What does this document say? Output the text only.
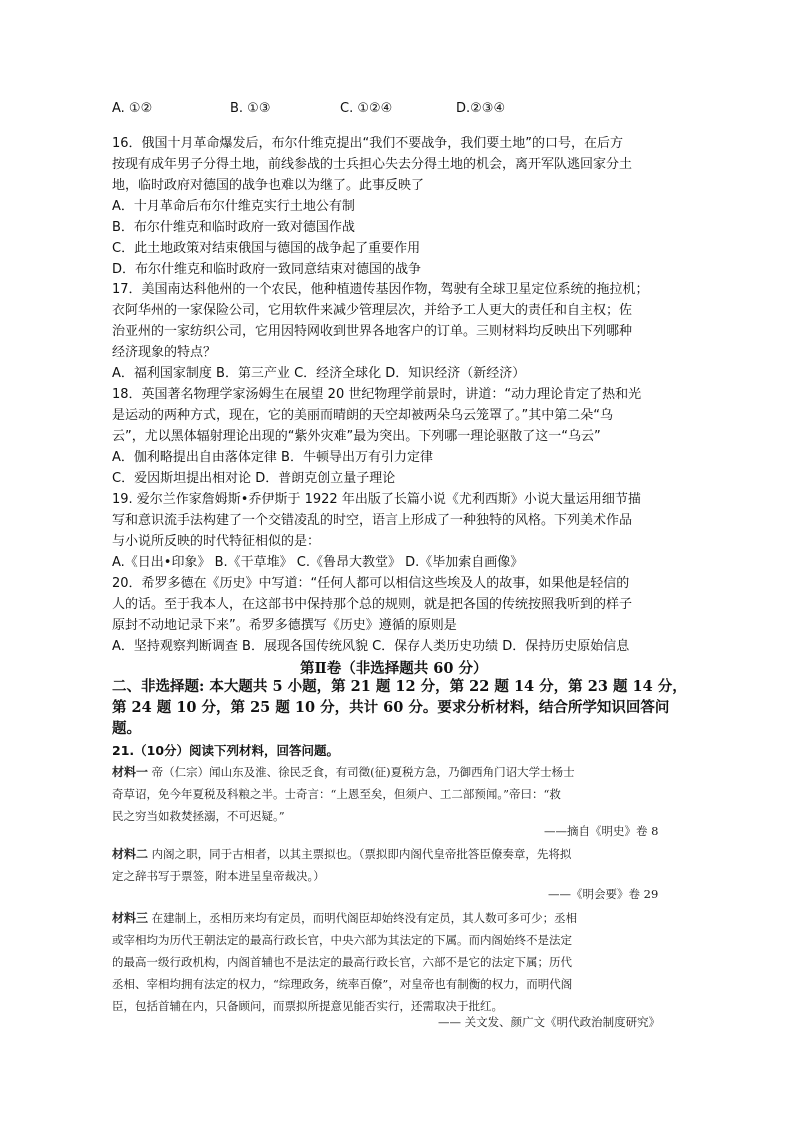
A. ①②	B. ①③	C. ①②④	D.②③④
16．俄国十月革命爆发后，布尔什维克提出“我们不要战争，我们要土地”的口号，在后方
按现有成年男子分得土地，前线参战的士兵担心失去分得土地的机会，离开军队逃回家分土
地，临时政府对德国的战争也难以为继了。此事反映了
A．十月革命后布尔什维克实行土地公有制
B．布尔什维克和临时政府一致对德国作战
C．此土地政策对结束俄国与德国的战争起了重要作用
D．布尔什维克和临时政府一致同意结束对德国的战争
17．美国南达科他州的一个农民，他种植遗传基因作物，驾驶有全球卫星定位系统的拖拉机；
衣阿华州的一家保险公司，它用软件来减少管理层次，并给予工人更大的责任和自主权；佐
治亚州的一家纺织公司，它用因特网收到世界各地客户的订单。三则材料均反映出下列哪种
经济现象的特点？
A．福利国家制度 B．第三产业 C．经济全球化 D．知识经济（新经济）
18．英国著名物理学家汤姆生在展望 20 世纪物理学前景时，讲道：“动力理论肯定了热和光
是运动的两种方式，现在，它的美丽而晴朗的天空却被两朵乌云笼罩了。”其中第二朵“乌
云”，尤以黑体辐射理论出现的“紫外灾难”最为突出。下列哪一理论驱散了这一“乌云”
A．伽利略提出自由落体定律 B．牛顿导出万有引力定律
C．爱因斯坦提出相对论 D．普朗克创立量子理论
19. 爱尔兰作家詹姆斯•乔伊斯于 1922 年出版了长篇小说《尤利西斯》小说大量运用细节描
写和意识流手法构建了一个交错凌乱的时空，语言上形成了一种独特的风格。下列美术作品
与小说所反映的时代特征相似的是：
A.《日出•印象》 B.《干草堆》 C.《鲁昂大教堂》 D.《毕加索自画像》
20．希罗多德在《历史》中写道：“任何人都可以相信这些埃及人的故事，如果他是轻信的
人的话。至于我本人，在这部书中保持那个总的规则，就是把各国的传统按照我听到的样子
原封不动地记录下来”。希罗多德撰写《历史》遵循的原则是
A．坚持观察判断调查 B．展现各国传统风貌 C．保存人类历史功绩 D．保持历史原始信息
第Ⅱ卷（非选择题共 60 分）
二、非选择题: 本大题共 5 小题，第 21 题 12 分，第 22 题 14 分，第 23 题 14 分，
第 24 题 10 分，第 25 题 10 分，共计 60 分。要求分析材料，结合所学知识回答问
题。
21.（10分）阅读下列材料，回答问题。
材料一 帝（仁宗）闻山东及淮、徐民乏食，有司徵(征)夏税方急，乃御西角门诏大学士杨士
奇草诏，免今年夏税及科粮之半。士奇言：“上恩至矣，但须户、工二部预闻。”帝曰：“救
民之穷当如救焚拯溺，不可迟疑。”
——摘自《明史》卷 8
材料二 内阁之职，同于古相者，以其主票拟也。（票拟即内阁代皇帝批答臣僚奏章，先将拟
定之辞书写于票签，附本进呈皇帝裁决。）
——《明会要》卷 29
材料三 在建制上，丞相历来均有定员，而明代阁臣却始终没有定员，其人数可多可少；丞相
或宰相均为历代王朝法定的最高行政长官，中央六部为其法定的下属。而内阁始终不是法定
的最高一级行政机构，内阁首辅也不是法定的最高行政长官，六部不是它的法定下属；历代
丞相、宰相均拥有法定的权力，“综理政务，统率百僚”，对皇帝也有制衡的权力，而明代阁
臣，包括首辅在内，只备顾问，而票拟所提意见能否实行，还需取决于批红。
—— 关文发、颜广文《明代政治制度研究》
